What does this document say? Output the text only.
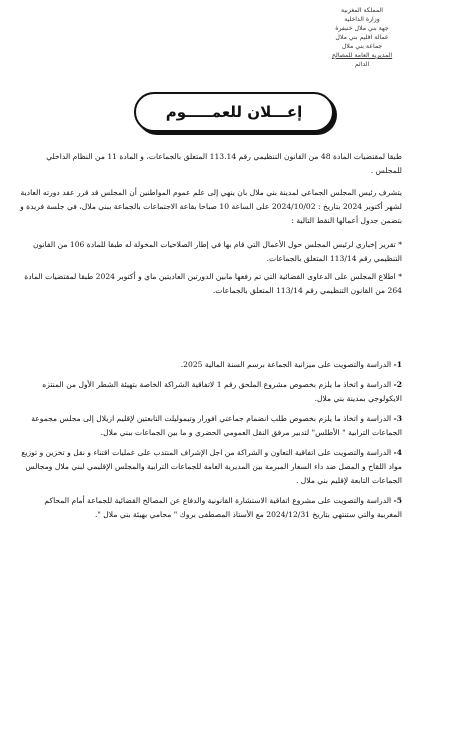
المملكة المغربية
وزارة الداخلية
جهة بني ملال خنيفرة
عمالة اقليم بني ملال
جماعة بني ملال
المديرية العامة للمصالح
الدائم
إعـــلان للعمـــــوم

طبقا لمقتضيات المادة 48 من القانون التنظيمي رقم 113.14 المتعلق بالجماعات، و المادة 11 من النظام الداخلي للمجلس .

يتشرف رئيس المجلس الجماعي لمدينة بني ملال بان ينهي إلى علم عموم المواطنين أن المجلس قد قرر عقد دورته العادية لشهر أكتوبر 2024 بتاريخ : 2024/10/02 على الساعة 10 صباحا بقاعة الاجتماعات بالجماعة ببني ملال، في جلسة فريدة و بتضمن جدول أعمالها النقط التالية :

* تقرير إخباري لرئيس المجلس حول الأعمال التي قام بها في إطار الصلاحيات المخولة له طبقا للمادة 106 من القانون التنظيمي رقم 113/14 المتعلق بالجماعات.

* اطلاع المجلس على الدعاوى القضائية التي تم رفعها مابين الدورتين العاديتين ماي و أكتوبر 2024 طبقا لمقتضيات المادة 264 من القانون التنظيمي رقم 113/14 المتعلق بالجماعات.

1- الدراسة والتصويت على ميزانية الجماعة برسم السنة المالية 2025.

2- الدراسة و اتخاذ ما يلزم بخصوص مشروع الملحق رقم 1 لاتفاقية الشراكة الخاصة بتهيئة الشطر الأول من المنتزه الايكولوجي بمدينة بني ملال.

3- الدراسة و اتخاذ ما يلزم بخصوص طلب انضمام جماعتي افورار وتيموليلت التابعتين لإقليم ازيلال إلى مجلس مجموعة الجماعات الترابية " الأطلس" لتدبير مرفق النقل العمومي الحضري و ما بين الجماعات ببني ملال.

4- الدراسة والتصويت على اتفاقية التعاون و الشراكة من اجل الإشراف المنتدب على عمليات اقتناء و نقل و تخزين و توزيع مواد اللقاح و المصل ضد داء السعار المبرمة بين المديرية العامة للجماعات الترابية والمجلس الإقليمي لبني ملال ومجالس الجماعات التابعة لإقليم بني ملال .

5- الدراسة والتصويت على مشروع اتفاقية الاستشارة القانونية والدفاع عن المصالح القضائية للجماعة أمام المحاكم المغربية والتي ستنتهي بتاريخ 2024/12/31 مع الأستاذ المصطفى بروك " محامي بهيئة بني ملال ".
